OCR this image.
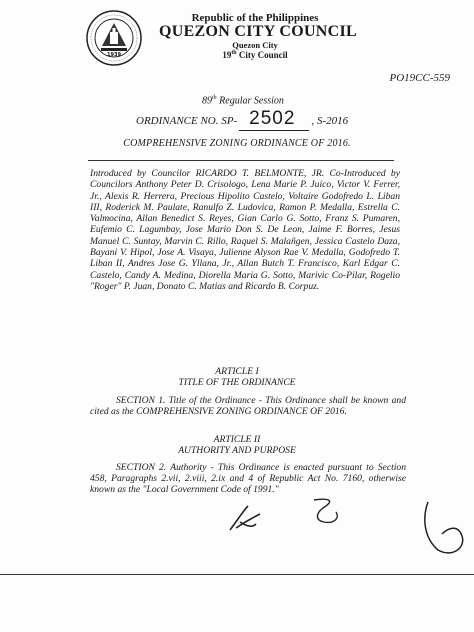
1939
Republic of the Philippines
QUEZON CITY COUNCIL
Quezon City
19th City Council
PO19CC-559
89th Regular Session
ORDINANCE NO. SP- 2502 , S-2016
COMPREHENSIVE ZONING ORDINANCE OF 2016.
Introduced by Councilor RICARDO T. BELMONTE, JR. Co-Introduced by Councilors Anthony Peter D. Crisologo, Lena Marie P. Juico, Victor V. Ferrer, Jr., Alexis R. Herrera, Precious Hipolito Castelo, Voltaire Godofredo L. Liban III, Roderick M. Paulate, Ranulfo Z. Ludovica, Ramon P. Medalla, Estrella C. Valmocina, Allan Benedict S. Reyes, Gian Carlo G. Sotto, Franz S. Pumaren, Eufemio C. Lagumbay, Jose Mario Don S. De Leon, Jaime F. Borres, Jesus Manuel C. Suntay, Marvin C. Rillo, Raquel S. Malañgen, Jessica Castelo Daza, Bayani V. Hipol, Jose A. Visaya, Julienne Alyson Rae V. Medalla, Godofredo T. Liban II, Andres Jose G. Yllana, Jr., Allan Butch T. Francisco, Karl Edgar C. Castelo, Candy A. Medina, Diorella Maria G. Sotto, Marivic Co-Pilar, Rogelio "Roger" P. Juan, Donato C. Matias and Ricardo B. Corpuz.
ARTICLE I
TITLE OF THE ORDINANCE
SECTION 1. Title of the Ordinance - This Ordinance shall be known and cited as the COMPREHENSIVE ZONING ORDINANCE OF 2016.
ARTICLE II
AUTHORITY AND PURPOSE
SECTION 2. Authority - This Ordinance is enacted pursuant to Section 458, Paragraphs 2.vii, 2.viii, 2.ix and 4 of Republic Act No. 7160, otherwise known as the "Local Government Code of 1991."
